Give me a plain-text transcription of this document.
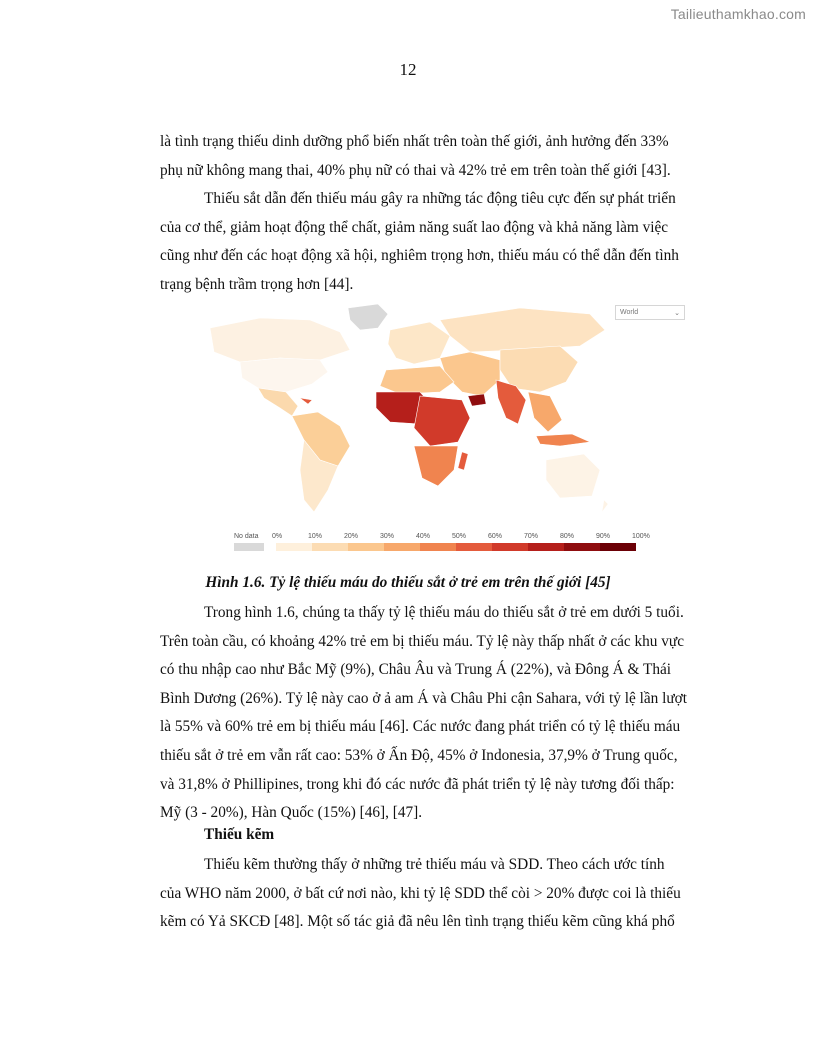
Tailieuthamkhao.com
12
là tình trạng thiếu dinh dưỡng phổ biến nhất trên toàn thế giới, ảnh hưởng đến 33%
phụ nữ không mang thai, 40% phụ nữ có thai và 42% trẻ em trên toàn thế giới [43].
Thiếu sắt dẫn đến thiếu máu gây ra những tác động tiêu cực đến sự phát triển
của cơ thể, giảm hoạt động thể chất, giảm năng suất lao động và khả năng làm việc
cũng như đến các hoạt động xã hội, nghiêm trọng hơn, thiếu máu có thể dẫn đến tình
trạng bệnh trầm trọng hơn [44].
World	⌄
No data 0%	10%	20%	30%	40%	50%	60%	70%	80%	90%	100%
Hình 1.6. Tỷ lệ thiếu máu do thiếu sắt ở trẻ em trên thế giới [45]
Trong hình 1.6, chúng ta thấy tỷ lệ thiếu máu do thiếu sắt ở trẻ em dưới 5 tuổi.
Trên toàn cầu, có khoảng 42% trẻ em bị thiếu máu. Tỷ lệ này thấp nhất ở các khu vực
có thu nhập cao như Bắc Mỹ (9%), Châu Âu và Trung Á (22%), và Đông Á & Thái
Bình Dương (26%). Tỷ lệ này cao ở ả am Á và Châu Phi cận Sahara, với tỷ lệ lần lượt
là 55% và 60% trẻ em bị thiếu máu [46]. Các nước đang phát triển có tỷ lệ thiếu máu
thiếu sắt ở trẻ em vẫn rất cao: 53% ở Ấn Độ, 45% ở Indonesia, 37,9% ở Trung quốc,
và 31,8% ở Phillipines, trong khi đó các nước đã phát triển tỷ lệ này tương đối thấp:
Mỹ (3 - 20%), Hàn Quốc (15%) [46], [47].
Thiếu kẽm
Thiếu kẽm thường thấy ở những trẻ thiếu máu và SDD. Theo cách ước tính
của WHO năm 2000, ở bất cứ nơi nào, khi tỷ lệ SDD thể còi > 20% được coi là thiếu
kẽm có Yả SKCĐ [48]. Một số tác giả đã nêu lên tình trạng thiếu kẽm cũng khá phổ
